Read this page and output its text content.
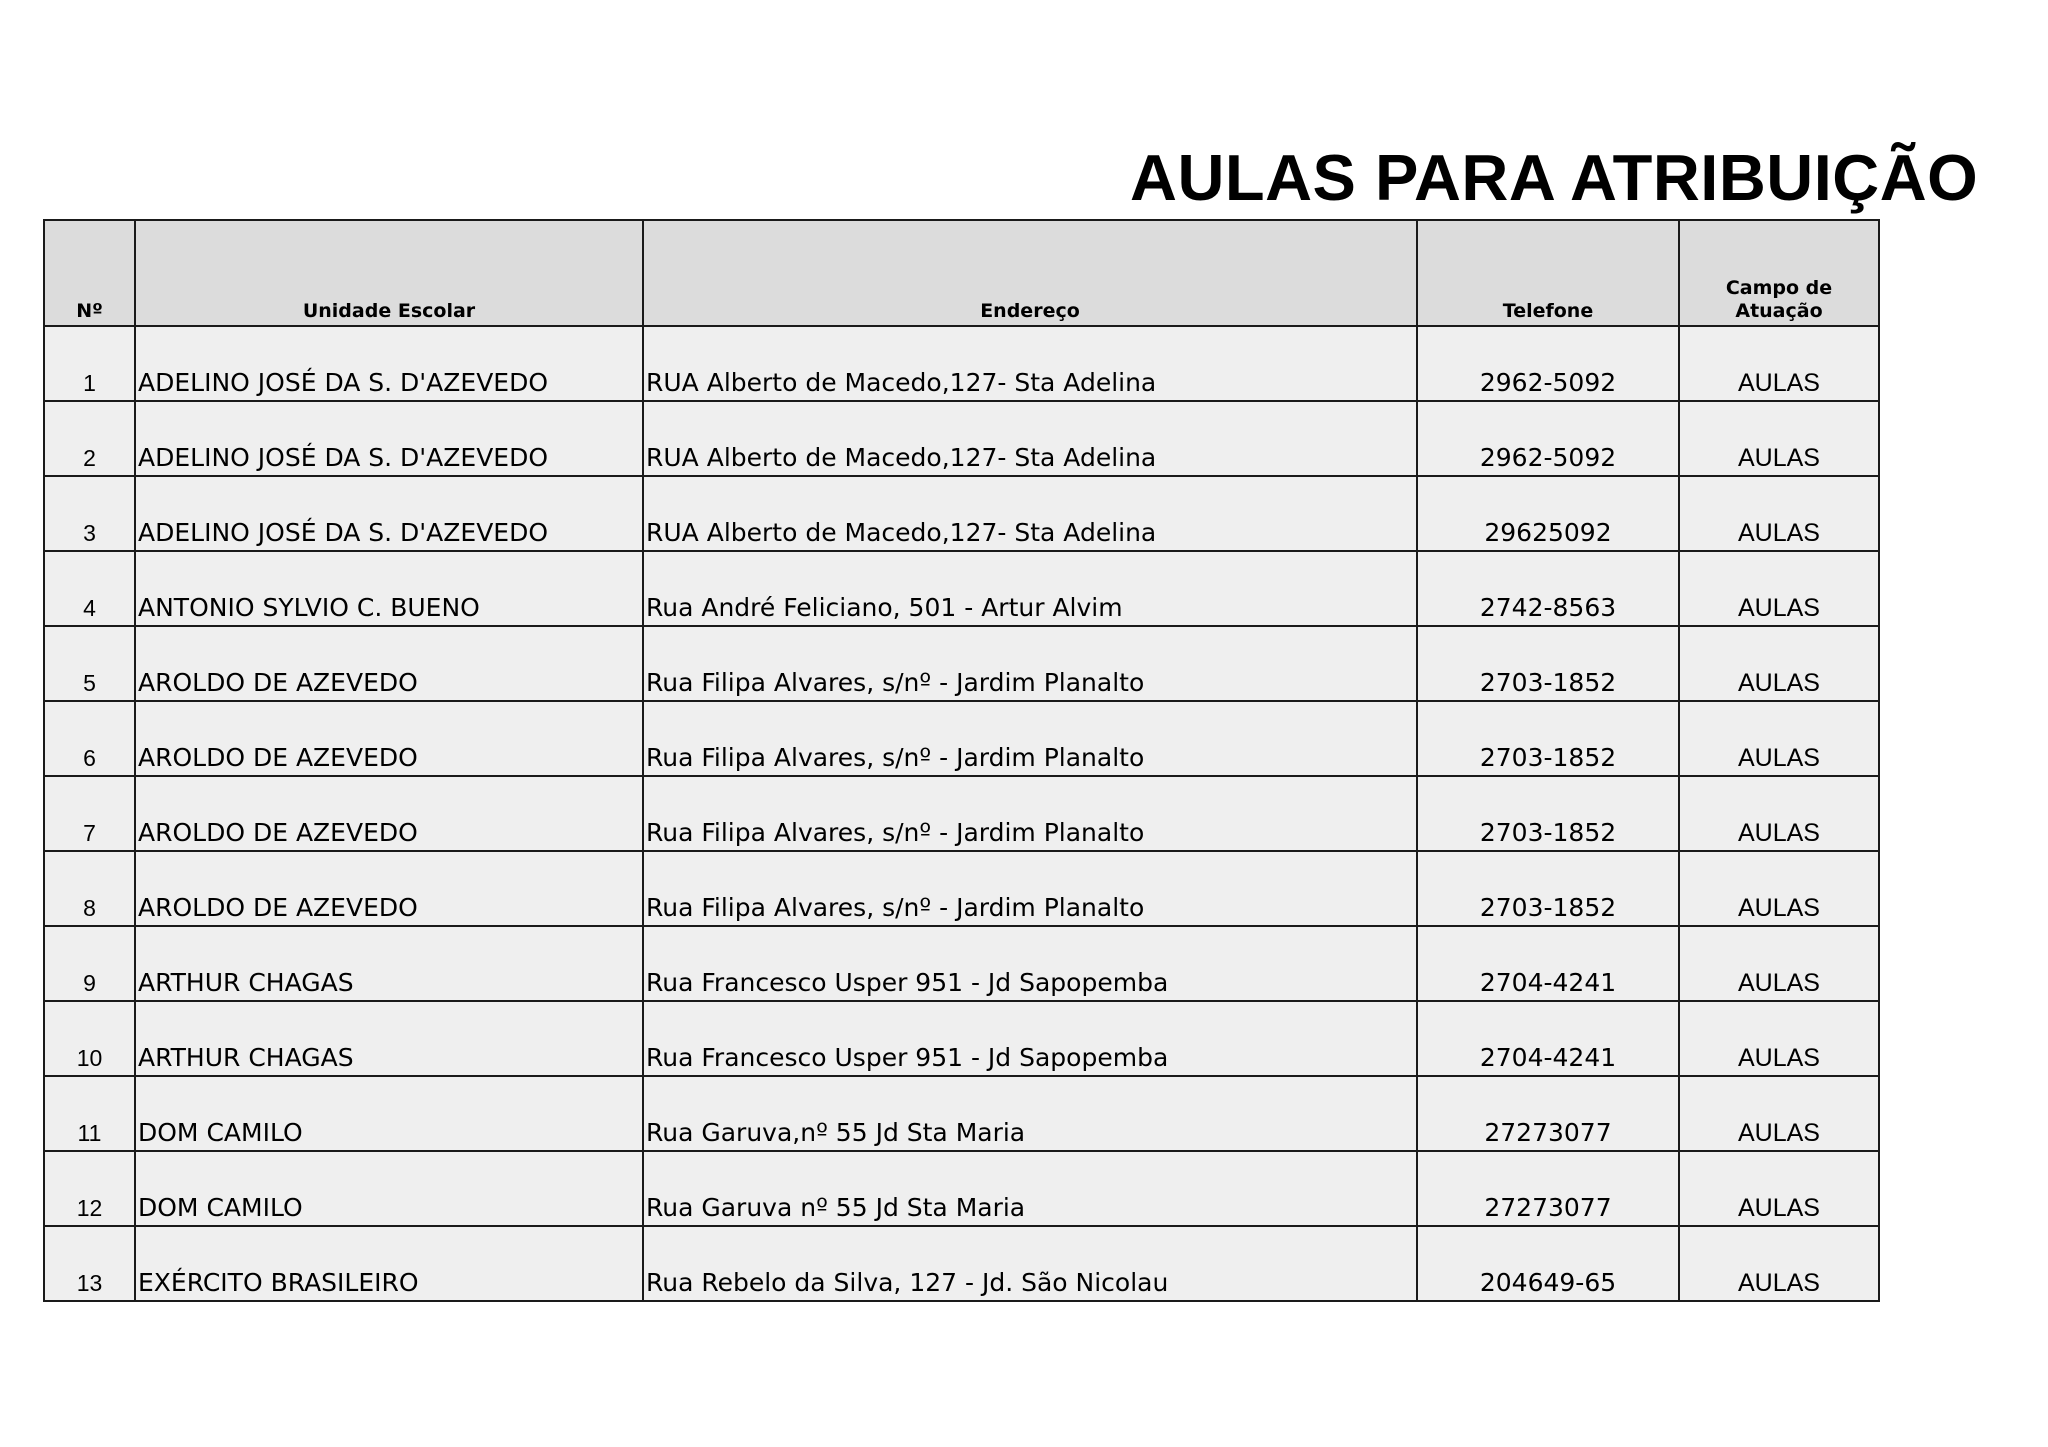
AULAS PARA ATRIBUIÇÃO
Nº	Unidade Escolar	Endereço	Telefone	Campo de
Atuação

1	ADELINO JOSÉ DA S. D'AZEVEDO	RUA Alberto de Macedo,127- Sta Adelina	2962-5092	AULAS
2	ADELINO JOSÉ DA S. D'AZEVEDO	RUA Alberto de Macedo,127- Sta Adelina	2962-5092	AULAS
3	ADELINO JOSÉ DA S. D'AZEVEDO	RUA Alberto de Macedo,127- Sta Adelina	29625092	AULAS
4	ANTONIO SYLVIO C. BUENO	Rua André Feliciano, 501 - Artur Alvim	2742-8563	AULAS
5	AROLDO DE AZEVEDO	Rua Filipa Alvares, s/nº - Jardim Planalto	2703-1852	AULAS
6	AROLDO DE AZEVEDO	Rua Filipa Alvares, s/nº - Jardim Planalto	2703-1852	AULAS
7	AROLDO DE AZEVEDO	Rua Filipa Alvares, s/nº - Jardim Planalto	2703-1852	AULAS
8	AROLDO DE AZEVEDO	Rua Filipa Alvares, s/nº - Jardim Planalto	2703-1852	AULAS
9	ARTHUR CHAGAS	Rua Francesco Usper 951 - Jd Sapopemba	2704-4241	AULAS
10	ARTHUR CHAGAS	Rua Francesco Usper 951 - Jd Sapopemba	2704-4241	AULAS
11	DOM CAMILO	Rua Garuva,nº 55 Jd Sta Maria	27273077	AULAS
12	DOM CAMILO	Rua Garuva nº 55 Jd Sta Maria	27273077	AULAS
13	EXÉRCITO BRASILEIRO	Rua Rebelo da Silva, 127 - Jd. São Nicolau	204649-65	AULAS
